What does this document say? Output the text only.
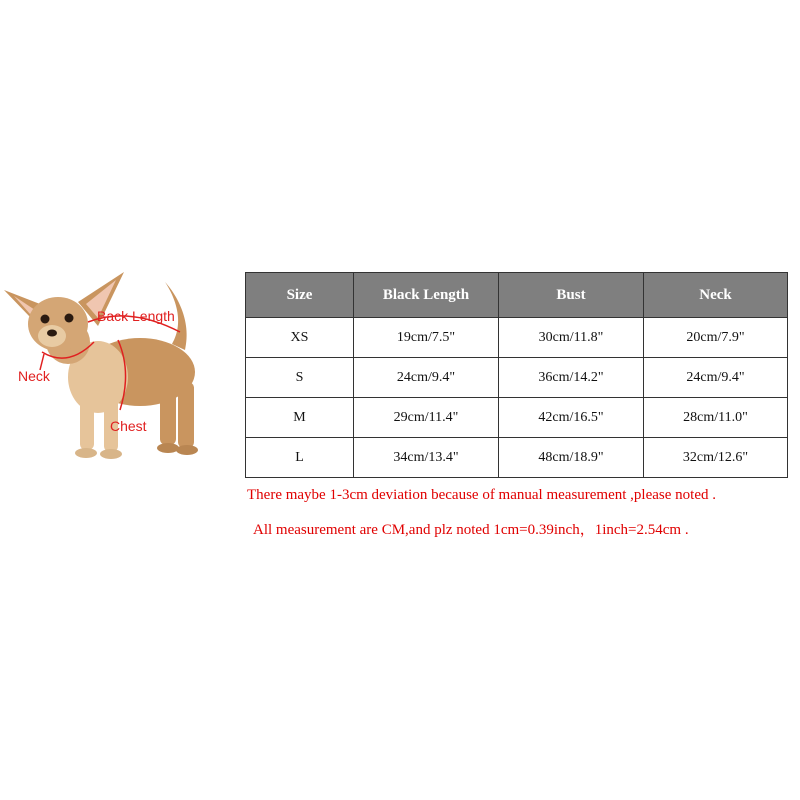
Back Length
Neck
Chest
Size	Black Length	Bust	Neck
XS	19cm/7.5"	30cm/11.8"	20cm/7.9"
S	24cm/9.4"	36cm/14.2"	24cm/9.4"
M	29cm/11.4"	42cm/16.5"	28cm/11.0"
L	34cm/13.4"	48cm/18.9"	32cm/12.6"
There maybe 1-3cm deviation because of manual measurement ,please noted .
All measurement are CM,and plz noted 1cm=0.39inch，1inch=2.54cm .
